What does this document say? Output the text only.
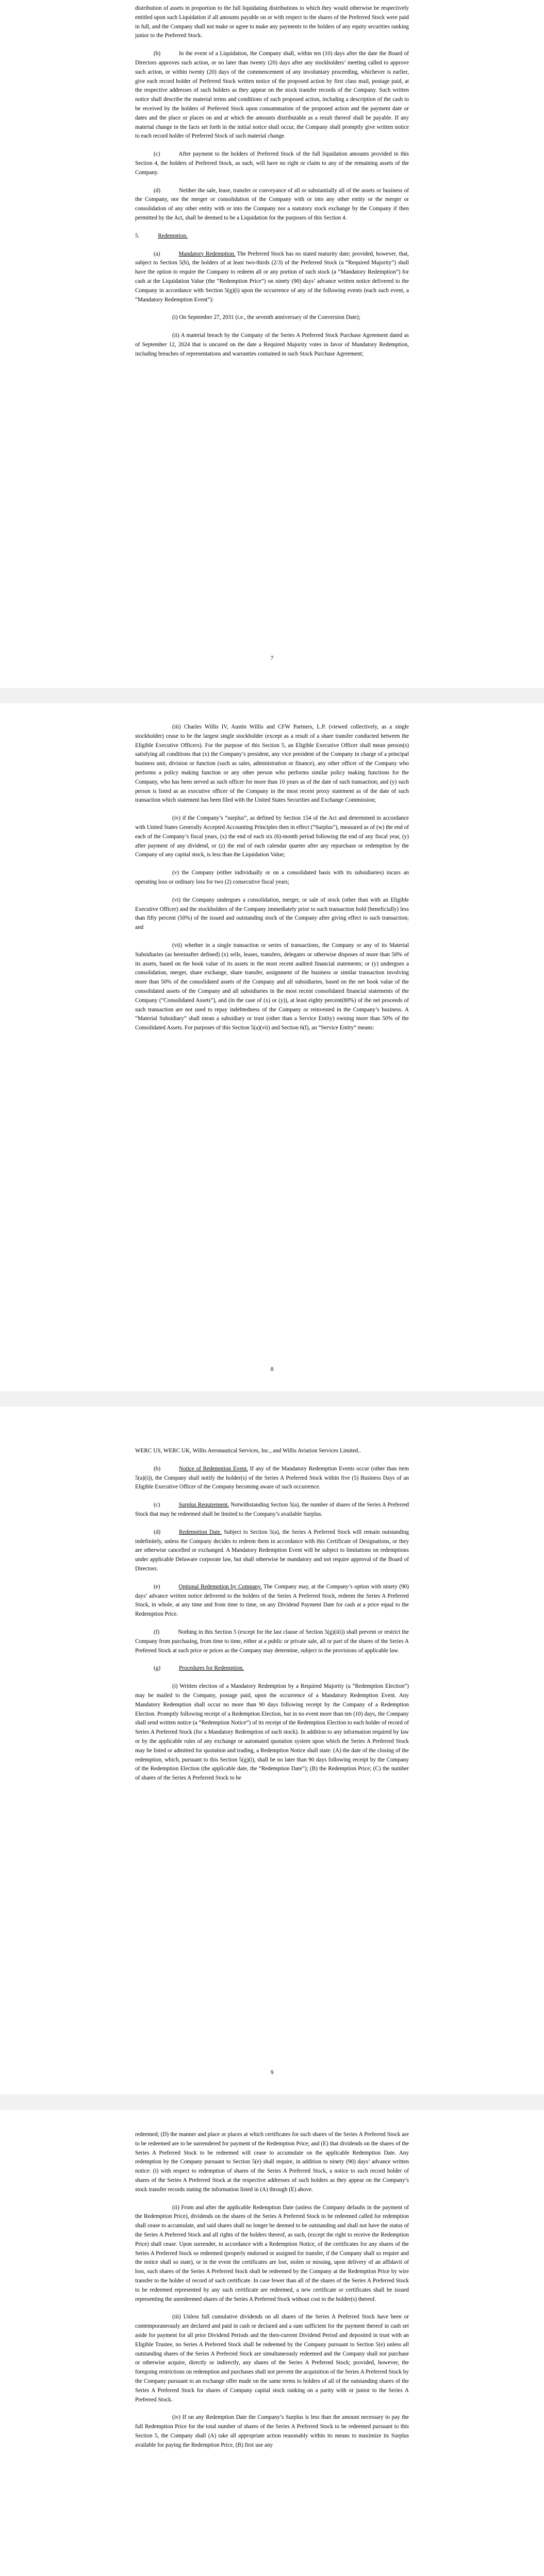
distribution of assets in proportion to the full liquidating distributions to which they would otherwise be respectively entitled upon such Liquidation if all amounts payable on or with respect to the shares of the Preferred Stock were paid in full, and the Company shall not make or agree to make any payments to the holders of any equity securities ranking junior to the Preferred Stock.

(b)	In the event of a Liquidation, the Company shall, within ten (10) days after the date the Board of Directors approves such action, or no later than twenty (20) days after any stockholders’ meeting called to approve such action, or within twenty (20) days of the commencement of any involuntary proceeding, whichever is earlier, give each record holder of Preferred Stock written notice of the proposed action by first class mail, postage paid, at the respective addresses of such holders as they appear on the stock transfer records of the Company. Such written notice shall describe the material terms and conditions of such proposed action, including a description of the cash to be received by the holders of Preferred Stock upon consummation of the proposed action and the payment date or dates and the place or places on and at which the amounts distributable as a result thereof shall be payable. If any material change in the facts set forth in the initial notice shall occur, the Company shall promptly give written notice to each record holder of Preferred Stock of such material change.

(c)	After payment to the holders of Preferred Stock of the full liquidation amounts provided in this Section 4, the holders of Preferred Stock, as such, will have no right or claim to any of the remaining assets of the Company.

(d)	Neither the sale, lease, transfer or conveyance of all or substantially all of the assets or business of the Company, nor the merger or consolidation of the Company with or into any other entity or the merger or consolidation of any other entity with or into the Company nor a statutory stock exchange by the Company if then permitted by the Act, shall be deemed to be a Liquidation for the purposes of this Section 4.

5.	Redemption.

(a)	Mandatory Redemption. The Preferred Stock has no stated maturity date; provided, however, that, subject to Section 5(b), the holders of at least two-thirds (2/3) of the Preferred Stock (a “Required Majority”) shall have the option to require the Company to redeem all or any portion of such stock (a “Mandatory Redemption”) for cash at the Liquidation Value (the “Redemption Price”) on ninety (90) days’ advance written notice delivered to the Company in accordance with Section 5(g)(i) upon the occurrence of any of the following events (each such event, a “Mandatory Redemption Event”):

(i) On September 27, 2031 (i.e., the seventh anniversary of the Conversion Date);

(ii) A material breach by the Company of the Series A Preferred Stock Purchase Agreement dated as of September 12, 2024 that is uncured on the date a Required Majority votes in favor of Mandatory Redemption, including breaches of representations and warranties contained in such Stock Purchase Agreement;

7

(iii) Charles Willis IV, Austin Willis and CFW Partners, L.P. (viewed collectively, as a single stockholder) cease to be the largest single stockholder (except as a result of a share transfer conducted between the Eligible Executive Officers). For the purpose of this Section 5, an Eligible Executive Officer shall mean person(s) satisfying all conditions that (x) the Company’s president, any vice president of the Company in charge of a principal business unit, division or function (such as sales, administration or finance), any other officer of the Company who performs a policy making function or any other person who performs similar policy making functions for the Company, who has been served as such officer for more than 10 years as of the date of such transaction; and (y) such person is listed as an executive officer of the Company in the most recent proxy statement as of the date of such transaction which statement has been filed with the United States Securities and Exchange Commission;

(iv) if the Company’s “surplus”, as defined by Section 154 of the Act and determined in accordance with United States Generally Accepted Accounting Principles then in effect (“Surplus”), measured as of (w) the end of each of the Company’s fiscal years, (x) the end of each six (6)-month period following the end of any fiscal year, (y) after payment of any dividend, or (z) the end of each calendar quarter after any repurchase or redemption by the Company of any capital stock, is less than the Liquidation Value;

(v) the Company (either individually or on a consolidated basis with its subsidiaries) incurs an operating loss or ordinary loss for two (2) consecutive fiscal years;

(vi) the Company undergoes a consolidation, merger, or sale of stock (other than with an Eligible Executive Officer) and the stockholders of the Company immediately prior to such transaction hold (beneficially) less than fifty percent (50%) of the issued and outstanding stock of the Company after giving effect to such transaction; and

(vii) whether in a single transaction or series of transactions, the Company or any of its Material Subsidiaries (as hereinafter defined) (x) sells, leases, transfers, delegates or otherwise disposes of more than 50% of its assets, based on the book value of its assets in the most recent audited financial statements; or (y) undergoes a consolidation, merger, share exchange, share transfer, assignment of the business or similar transaction involving more than 50% of the consolidated assets of the Company and all subsidiaries, based on the net book value of the consolidated assets of the Company and all subsidiaries in the most recent consolidated financial statements of the Company (“Consolidated Assets”), and (in the case of (x) or (y)), at least eighty percent(80%) of the net proceeds of such transaction are not used to repay indebtedness of the Company or reinvested in the Company’s business. A “Material Subsidiary” shall mean a subsidiary or trust (other than a Service Entity) owning more than 50% of the Consolidated Assets. For purposes of this Section 5(a)(vii) and Section 6(f), an “Service Entity” means:

8

WERC US, WERC UK, Willis Aeronautical Services, Inc., and Willis Aviation Services Limited..

(b)	Notice of Redemption Event. If any of the Mandatory Redemption Events occur (other than item 5(a)(i)), the Company shall notify the holder(s) of the Series A Preferred Stock within five (5) Business Days of an Eligible Executive Officer of the Company becoming aware of such occurrence.

(c)	Surplus Requirement. Notwithstanding Section 5(a), the number of shares of the Series A Preferred Stock that may be redeemed shall be limited to the Company’s available Surplus.

(d)	Redemption Date. Subject to Section 5(a), the Series A Preferred Stock will remain outstanding indefinitely, unless the Company decides to redeem them in accordance with this Certificate of Designations, or they are otherwise cancelled or exchanged. A Mandatory Redemption Event will be subject to limitations on redemptions under applicable Delaware corporate law, but shall otherwise be mandatory and not require approval of the Board of Directors.

(e)	Optional Redemption by Company. The Company may, at the Company’s option with ninety (90) days’ advance written notice delivered to the holders of the Series A Preferred Stock, redeem the Series A Preferred Stock, in whole, at any time and from time to time, on any Dividend Payment Date for cash at a price equal to the Redemption Price.

(f)	Nothing in this Section 5 (except for the last clause of Section 5(g)(iii)) shall prevent or restrict the Company from purchasing, from time to time, either at a public or private sale, all or part of the shares of the Series A Preferred Stock at such price or prices as the Company may determine, subject to the provisions of applicable law.

(g)	Procedures for Redemption.

(i) Written election of a Mandatory Redemption by a Required Majority (a “Redemption Election”) may be mailed to the Company, postage paid, upon the occurrence of a Mandatory Redemption Event. Any Mandatory Redemption shall occur no more than 90 days following receipt by the Company of a Redemption Election. Promptly following receipt of a Redemption Election, but in no event more than ten (10) days, the Company shall send written notice (a “Redemption Notice”) of its receipt of the Redemption Election to each holder of record of Series A Preferred Stock (for a Mandatory Redemption of such stock). In addition to any information required by law or by the applicable rules of any exchange or automated quotation system upon which the Series A Preferred Stock may be listed or admitted for quotation and trading, a Redemption Notice shall state: (A) the date of the closing of the redemption, which, pursuant to this Section 5(g)(i), shall be no later than 90 days following receipt by the Company of the Redemption Election (the applicable date, the “Redemption Date”); (B) the Redemption Price; (C) the number of shares of the Series A Preferred Stock to be

9

redeemed; (D) the manner and place or places at which certificates for such shares of the Series A Preferred Stock are to be redeemed are to be surrendered for payment of the Redemption Price; and (E) that dividends on the shares of the Series A Preferred Stock to be redeemed will cease to accumulate on the applicable Redemption Date. Any redemption by the Company pursuant to Section 5(e) shall require, in addition to ninety (90) days’ advance written notice: (i) with respect to redemption of shares of the Series A Preferred Stock, a notice to such record holder of shares of the Series A Preferred Stock at the respective addresses of such holders as they appear on the Company’s stock transfer records stating the information listed in (A) through (E) above.

(ii) From and after the applicable Redemption Date (unless the Company defaults in the payment of the Redemption Price), dividends on the shares of the Series A Preferred Stock to be redeemed called for redemption shall cease to accumulate, and said shares shall no longer be deemed to be outstanding and shall not have the status of the Series A Preferred Stock and all rights of the holders thereof, as such, (except the right to receive the Redemption Price) shall cease. Upon surrender, in accordance with a Redemption Notice, of the certificates for any shares of the Series A Preferred Stock so redeemed (properly endorsed or assigned for transfer, if the Company shall so require and the notice shall so state), or in the event the certificates are lost, stolen or missing, upon delivery of an affidavit of loss, such shares of the Series A Preferred Stock shall be redeemed by the Company at the Redemption Price by wire transfer to the holder of record of such certificate. In case fewer than all of the shares of the Series A Preferred Stock to be redeemed represented by any such certificate are redeemed, a new certificate or certificates shall be issued representing the unredeemed shares of the Series A Preferred Stock without cost to the holder(s) thereof.

(iii) Unless full cumulative dividends on all shares of the Series A Preferred Stock have been or contemporaneously are declared and paid in cash or declared and a sum sufficient for the payment thereof in cash set aside for payment for all prior Dividend Periods and the then-current Dividend Period and deposited in trust with an Eligible Trustee, no Series A Preferred Stock shall be redeemed by the Company pursuant to Section 5(e) unless all outstanding shares of the Series A Preferred Stock are simultaneously redeemed and the Company shall not purchase or otherwise acquire, directly or indirectly, any shares of the Series A Preferred Stock; provided, however, the foregoing restrictions on redemption and purchases shall not prevent the acquisition of the Series A Preferred Stock by the Company pursuant to an exchange offer made on the same terms to holders of all of the outstanding shares of the Series A Preferred Stock for shares of Company capital stock ranking on a parity with or junior to the Series A Preferred Stock.

(iv) If on any Redemption Date the Company’s Surplus is less than the amount necessary to pay the full Redemption Price for the total number of shares of the Series A Preferred Stock to be redeemed pursuant to this Section 5, the Company shall (A) take all appropriate action reasonably within its means to maximize its Surplus available for paying the Redemption Price, (B) first use any
